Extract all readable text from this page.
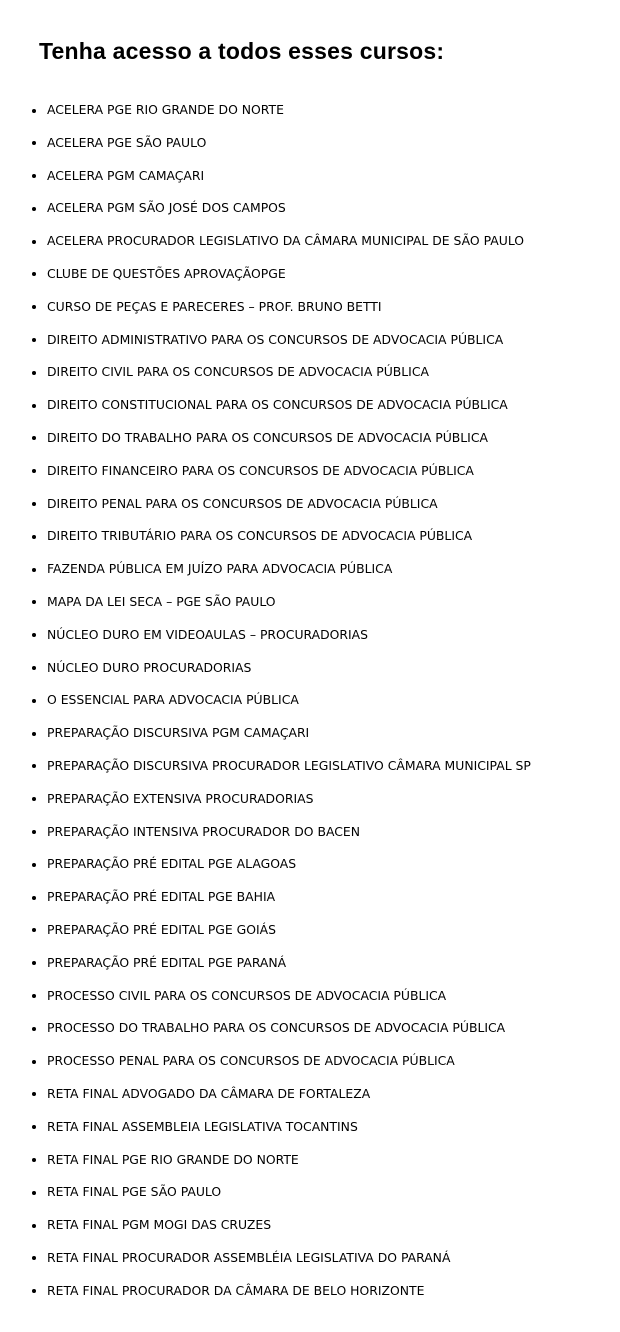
Tenha acesso a todos esses cursos:
ACELERA PGE RIO GRANDE DO NORTE
ACELERA PGE SÃO PAULO
ACELERA PGM CAMAÇARI
ACELERA PGM SÃO JOSÉ DOS CAMPOS
ACELERA PROCURADOR LEGISLATIVO DA CÂMARA MUNICIPAL DE SÃO PAULO
CLUBE DE QUESTÕES APROVAÇÃOPGE
CURSO DE PEÇAS E PARECERES – PROF. BRUNO BETTI
DIREITO ADMINISTRATIVO PARA OS CONCURSOS DE ADVOCACIA PÚBLICA
DIREITO CIVIL PARA OS CONCURSOS DE ADVOCACIA PÚBLICA
DIREITO CONSTITUCIONAL PARA OS CONCURSOS DE ADVOCACIA PÚBLICA
DIREITO DO TRABALHO PARA OS CONCURSOS DE ADVOCACIA PÚBLICA
DIREITO FINANCEIRO PARA OS CONCURSOS DE ADVOCACIA PÚBLICA
DIREITO PENAL PARA OS CONCURSOS DE ADVOCACIA PÚBLICA
DIREITO TRIBUTÁRIO PARA OS CONCURSOS DE ADVOCACIA PÚBLICA
FAZENDA PÚBLICA EM JUÍZO PARA ADVOCACIA PÚBLICA
MAPA DA LEI SECA – PGE SÃO PAULO
NÚCLEO DURO EM VIDEOAULAS – PROCURADORIAS
NÚCLEO DURO PROCURADORIAS
O ESSENCIAL PARA ADVOCACIA PÚBLICA
PREPARAÇÃO DISCURSIVA PGM CAMAÇARI
PREPARAÇÃO DISCURSIVA PROCURADOR LEGISLATIVO CÂMARA MUNICIPAL SP
PREPARAÇÃO EXTENSIVA PROCURADORIAS
PREPARAÇÃO INTENSIVA PROCURADOR DO BACEN
PREPARAÇÃO PRÉ EDITAL PGE ALAGOAS
PREPARAÇÃO PRÉ EDITAL PGE BAHIA
PREPARAÇÃO PRÉ EDITAL PGE GOIÁS
PREPARAÇÃO PRÉ EDITAL PGE PARANÁ
PROCESSO CIVIL PARA OS CONCURSOS DE ADVOCACIA PÚBLICA
PROCESSO DO TRABALHO PARA OS CONCURSOS DE ADVOCACIA PÚBLICA
PROCESSO PENAL PARA OS CONCURSOS DE ADVOCACIA PÚBLICA
RETA FINAL ADVOGADO DA CÂMARA DE FORTALEZA
RETA FINAL ASSEMBLEIA LEGISLATIVA TOCANTINS
RETA FINAL PGE RIO GRANDE DO NORTE
RETA FINAL PGE SÃO PAULO
RETA FINAL PGM MOGI DAS CRUZES
RETA FINAL PROCURADOR ASSEMBLÉIA LEGISLATIVA DO PARANÁ
RETA FINAL PROCURADOR DA CÂMARA DE BELO HORIZONTE
